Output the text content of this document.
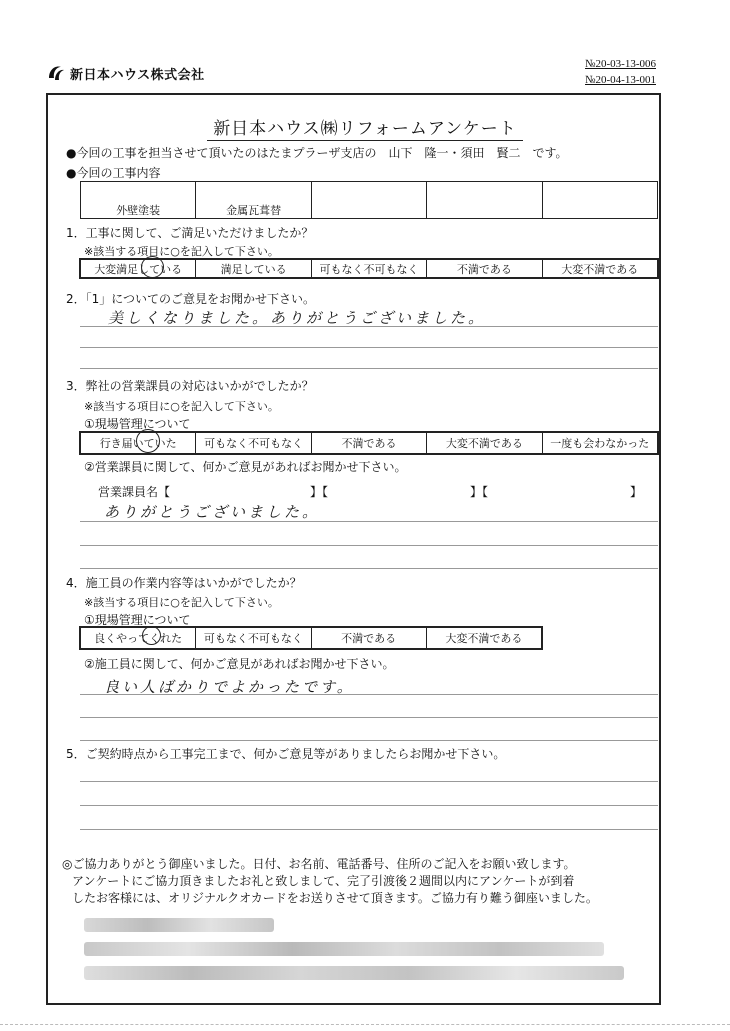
新日本ハウス株式会社
№20-03-13-006
№20-04-13-001
新日本ハウス㈱リフォームアンケート
●今回の工事を担当させて頂いたのはたまプラーザ支店の　山下　隆一・須田　賢二　です。
●今回の工事内容
外壁塗装	金属瓦葺替			
1．工事に関して、ご満足いただけましたか？
※該当する項目に○を記入して下さい。
大変満足している	満足している	可もなく不可もなく	不満である	大変不満である
2．「1」についてのご意見をお聞かせ下さい。
美しくなりました。ありがとうございました。
3．弊社の営業課員の対応はいかがでしたか？
※該当する項目に○を記入して下さい。
①現場管理について
行き届いていた	可もなく不可もなく	不満である	大変不満である	一度も会わなかった
②営業課員に関して、何かご意見があればお聞かせ下さい。
営業課員名【	】【	】【	】
ありがとうございました。
4．施工員の作業内容等はいかがでしたか？
※該当する項目に○を記入して下さい。
①現場管理について
良くやってくれた	可もなく不可もなく	不満である	大変不満である
②施工員に関して、何かご意見があればお聞かせ下さい。
良い人ばかりでよかったです。
5．ご契約時点から工事完工まで、何かご意見等がありましたらお聞かせ下さい。
◎ご協力ありがとう御座いました。日付、お名前、電話番号、住所のご記入をお願い致します。
アンケートにご協力頂きましたお礼と致しまして、完了引渡後２週間以内にアンケートが到着
したお客様には、オリジナルクオカードをお送りさせて頂きます。ご協力有り難う御座いました。
